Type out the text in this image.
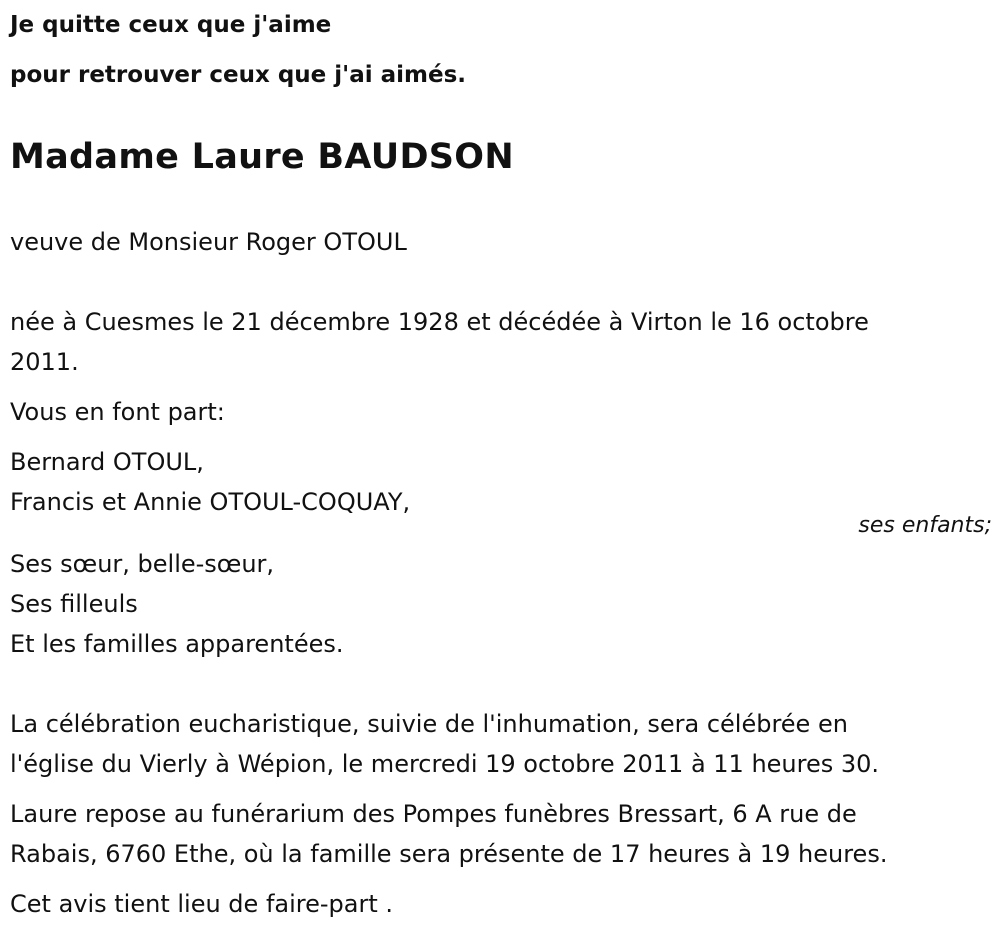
Je quitte ceux que j'aime

pour retrouver ceux que j'ai aimés.

Madame Laure BAUDSON

veuve de Monsieur Roger OTOUL

née à Cuesmes le 21 décembre 1928 et décédée à Virton le 16 octobre

2011.

Vous en font part:

Bernard OTOUL,

Francis et Annie OTOUL-COQUAY,

ses enfants;

Ses sœur, belle-sœur,

Ses filleuls

Et les familles apparentées.

La célébration eucharistique, suivie de l'inhumation, sera célébrée en

l'église du Vierly à Wépion, le mercredi 19 octobre 2011 à 11 heures 30.

Laure repose au funérarium des Pompes funèbres Bressart, 6 A rue de

Rabais, 6760 Ethe, où la famille sera présente de 17 heures à 19 heures.

Cet avis tient lieu de faire-part .
